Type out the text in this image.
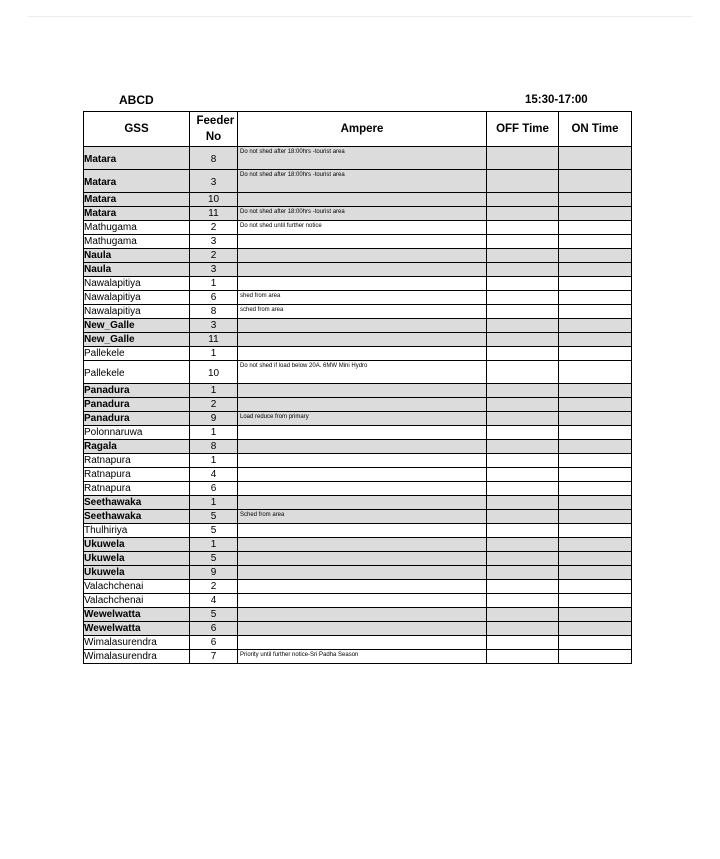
ABCD	15:30-17:00
GSS	Feeder No	Ampere	OFF Time	ON Time
Matara	8	Do not shed after 18:00hrs -tourist area		

Matara	3	Do not shed after 18:00hrs -tourist area		

Matara	10	

Matara	11	Do not shed after 18:00hrs -tourist area		

Mathugama	2	Do not shed until further notice		

Mathugama	3	

Naula	2	

Naula	3	

Nawalapitiya	1	

Nawalapitiya	6	shed from area		

Nawalapitiya	8	sched from area		

New_Galle	3	

New_Galle	11	

Pallekele	1	

Pallekele	10	Do not shed if load below 20A. 6MW Mini Hydro		

Panadura	1	

Panadura	2	

Panadura	9	Load reduce from primary		

Polonnaruwa	1	

Ragala	8	

Ratnapura	1	

Ratnapura	4	

Ratnapura	6	

Seethawaka	1	

Seethawaka	5	Sched from area		

Thulhiriya	5	

Ukuwela	1	

Ukuwela	5	

Ukuwela	9	

Valachchenai	2	

Valachchenai	4	

Wewelwatta	5	

Wewelwatta	6	

Wimalasurendra	6	

Wimalasurendra	7	Priority until further notice-Sri Padha Season		
